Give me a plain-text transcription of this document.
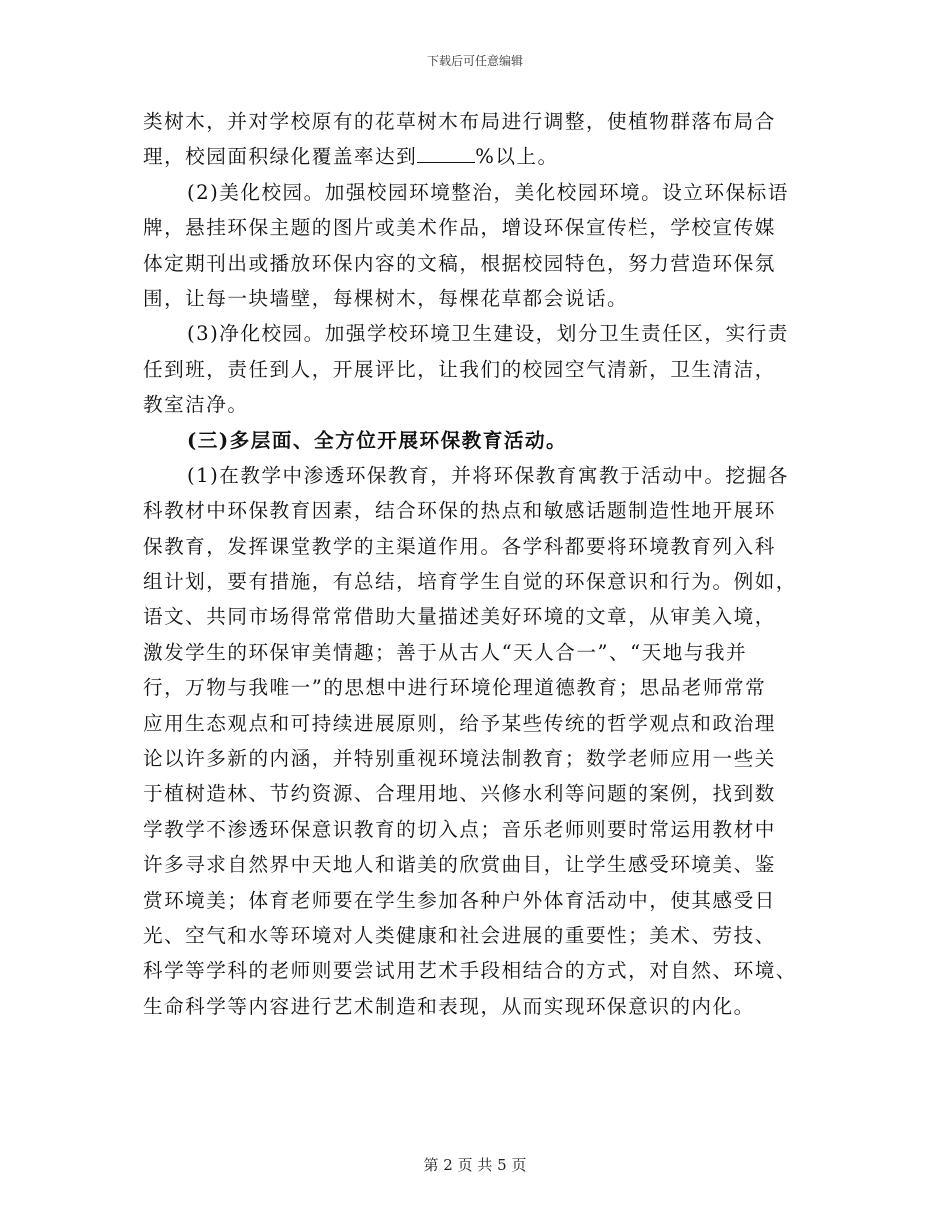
下载后可任意编辑
类树木，并对学校原有的花草树木布局进行调整，使植物群落布局合
理，校园面积绿化覆盖率达到	%以上。
(2)美化校园。加强校园环境整治，美化校园环境。设立环保标语
牌，悬挂环保主题的图片或美术作品，增设环保宣传栏，学校宣传媒
体定期刊出或播放环保内容的文稿，根据校园特色，努力营造环保氛
围，让每一块墙壁，每棵树木，每棵花草都会说话。
(3)净化校园。加强学校环境卫生建设，划分卫生责任区，实行责
任到班，责任到人，开展评比，让我们的校园空气清新，卫生清洁，
教室洁净。
(三)多层面、全方位开展环保教育活动。
(1)在教学中渗透环保教育，并将环保教育寓教于活动中。挖掘各
科教材中环保教育因素，结合环保的热点和敏感话题制造性地开展环
保教育，发挥课堂教学的主渠道作用。各学科都要将环境教育列入科
组计划，要有措施，有总结，培育学生自觉的环保意识和行为。例如，
语文、共同市场得常常借助大量描述美好环境的文章，从审美入境，
激发学生的环保审美情趣；善于从古人“天人合一”、“天地与我并
行，万物与我唯一”的思想中进行环境伦理道德教育；思品老师常常
应用生态观点和可持续进展原则，给予某些传统的哲学观点和政治理
论以许多新的内涵，并特别重视环境法制教育；数学老师应用一些关
于植树造林、节约资源、合理用地、兴修水利等问题的案例，找到数
学教学不渗透环保意识教育的切入点；音乐老师则要时常运用教材中
许多寻求自然界中天地人和谐美的欣赏曲目，让学生感受环境美、鉴
赏环境美；体育老师要在学生参加各种户外体育活动中，使其感受日
光、空气和水等环境对人类健康和社会进展的重要性；美术、劳技、
科学等学科的老师则要尝试用艺术手段相结合的方式，对自然、环境、
生命科学等内容进行艺术制造和表现，从而实现环保意识的内化。
第 2 页 共 5 页
